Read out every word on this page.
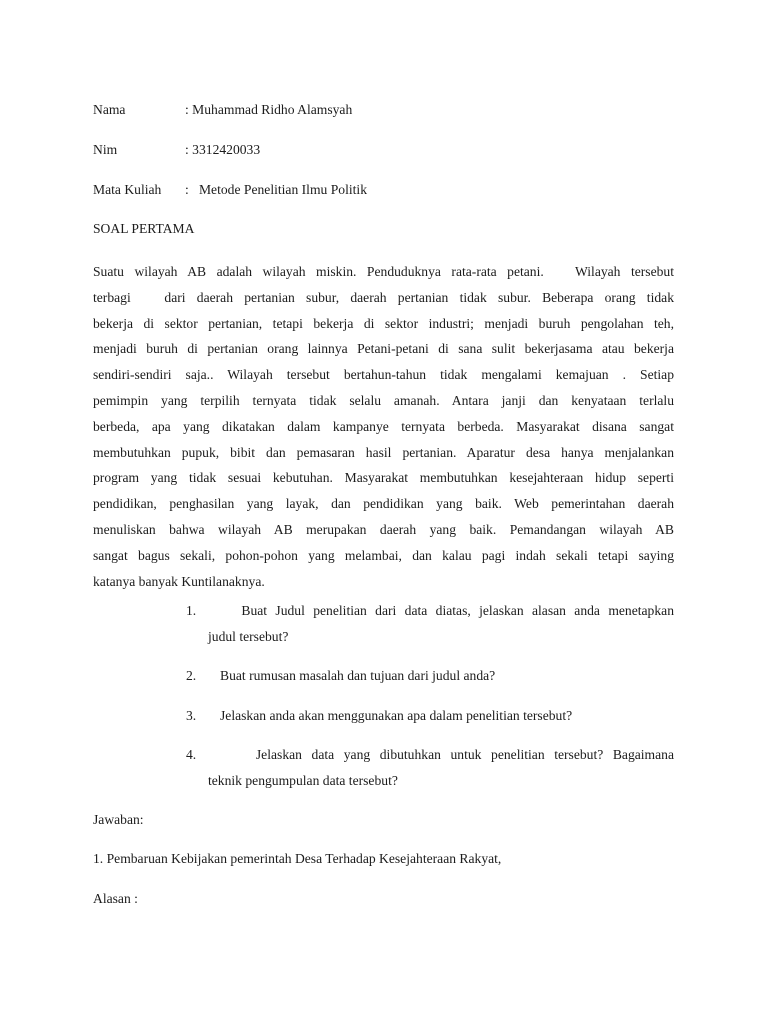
Nama	: Muhammad Ridho Alamsyah
Nim	: 3312420033
Mata Kuliah :   Metode Penelitian Ilmu Politik
SOAL PERTAMA
Suatu wilayah AB adalah wilayah miskin. Penduduknya rata-rata petani.   Wilayah tersebut
terbagi   dari daerah pertanian subur, daerah pertanian tidak subur. Beberapa orang tidak
bekerja di sektor pertanian, tetapi bekerja di sektor industri; menjadi buruh pengolahan teh,
menjadi buruh di pertanian orang lainnya Petani-petani di sana sulit bekerjasama atau bekerja
sendiri-sendiri saja.. Wilayah tersebut bertahun-tahun tidak mengalami kemajuan . Setiap
pemimpin yang terpilih ternyata tidak selalu amanah. Antara janji dan kenyataan terlalu
berbeda, apa yang dikatakan dalam kampanye ternyata berbeda. Masyarakat disana sangat
membutuhkan pupuk, bibit dan pemasaran hasil pertanian. Aparatur desa hanya menjalankan
program yang tidak sesuai kebutuhan. Masyarakat membutuhkan kesejahteraan hidup seperti
pendidikan, penghasilan yang layak, dan pendidikan yang baik. Web pemerintahan daerah
menuliskan bahwa wilayah AB merupakan daerah yang baik. Pemandangan wilayah AB
sangat bagus sekali, pohon-pohon yang melambai, dan kalau pagi indah sekali tetapi saying
katanya banyak Kuntilanaknya.
1.    Buat Judul penelitian dari data diatas, jelaskan alasan anda menetapkan
judul tersebut?
2. Buat rumusan masalah dan tujuan dari judul anda?
3. Jelaskan anda akan menggunakan apa dalam penelitian tersebut?
4.     Jelaskan data yang dibutuhkan untuk penelitian tersebut? Bagaimana
teknik pengumpulan data tersebut?
Jawaban:
1. Pembaruan Kebijakan pemerintah Desa Terhadap Kesejahteraan Rakyat,
Alasan :
